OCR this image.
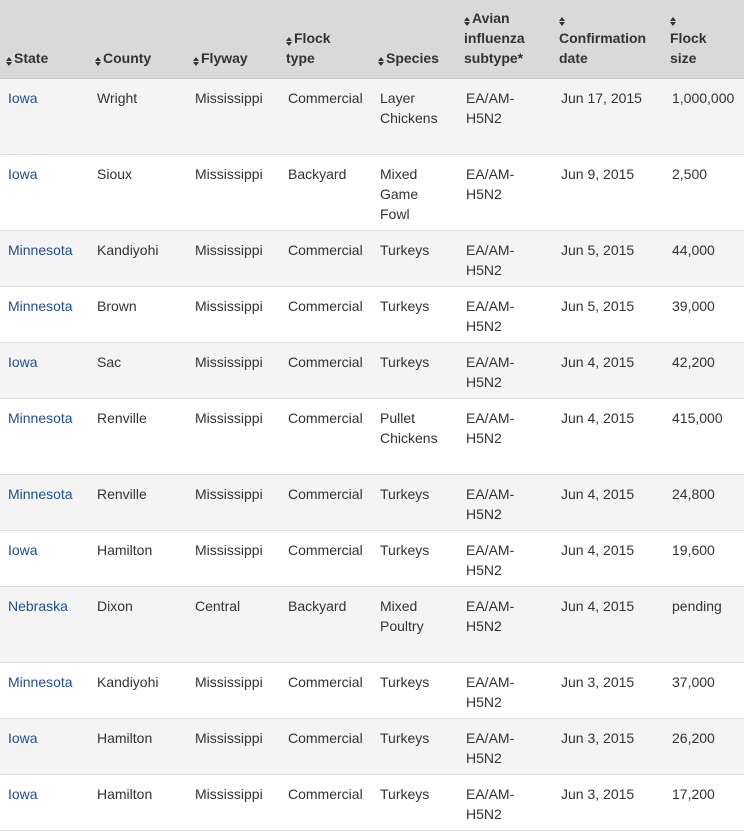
State	County	Flyway	Flock type	Species	Avian influenza subtype*	Confirmation date	Flock size
Iowa	Wright	Mississippi	Commercial	Layer Chickens	EA/AM-H5N2	Jun 17, 2015	1,000,000

Iowa	Sioux	Mississippi	Backyard	Mixed Game Fowl	EA/AM-H5N2	Jun 9, 2015	2,500

Minnesota	Kandiyohi	Mississippi	Commercial	Turkeys	EA/AM-H5N2	Jun 5, 2015	44,000

Minnesota	Brown	Mississippi	Commercial	Turkeys	EA/AM-H5N2	Jun 5, 2015	39,000

Iowa	Sac	Mississippi	Commercial	Turkeys	EA/AM-H5N2	Jun 4, 2015	42,200

Minnesota	Renville	Mississippi	Commercial	Pullet Chickens	EA/AM-H5N2	Jun 4, 2015	415,000

Minnesota	Renville	Mississippi	Commercial	Turkeys	EA/AM-H5N2	Jun 4, 2015	24,800

Iowa	Hamilton	Mississippi	Commercial	Turkeys	EA/AM-H5N2	Jun 4, 2015	19,600

Nebraska	Dixon	Central	Backyard	Mixed Poultry	EA/AM-H5N2	Jun 4, 2015	pending

Minnesota	Kandiyohi	Mississippi	Commercial	Turkeys	EA/AM-H5N2	Jun 3, 2015	37,000

Iowa	Hamilton	Mississippi	Commercial	Turkeys	EA/AM-H5N2	Jun 3, 2015	26,200

Iowa	Hamilton	Mississippi	Commercial	Turkeys	EA/AM-H5N2	Jun 3, 2015	17,200
